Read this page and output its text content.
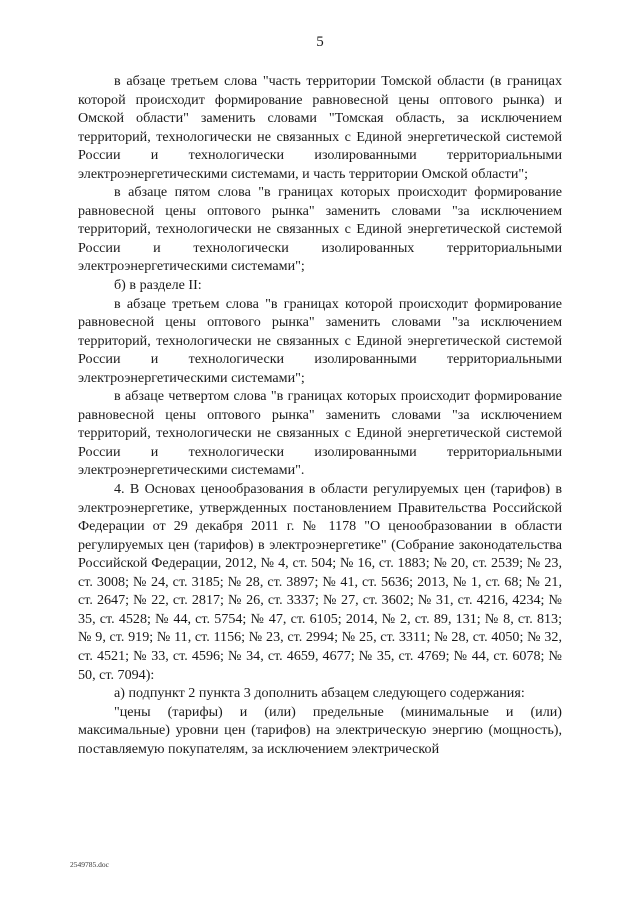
5

в абзаце третьем слова "часть территории Томской области (в границах которой происходит формирование равновесной цены оптового рынка) и Омской области" заменить словами "Томская область, за исключением территорий, технологически не связанных с Единой энергетической системой России и технологически изолированными территориальными электроэнергетическими системами, и часть территории Омской области";

в абзаце пятом слова "в границах которых происходит формирование равновесной цены оптового рынка" заменить словами "за исключением территорий, технологически не связанных с Единой энергетической системой России и технологически изолированных территориальными электроэнергетическими системами";

б) в разделе II:

в абзаце третьем слова "в границах которой происходит формирование равновесной цены оптового рынка" заменить словами "за исключением территорий, технологически не связанных с Единой энергетической системой России и технологически изолированными территориальными электроэнергетическими системами";

в абзаце четвертом слова "в границах которых происходит формирование равновесной цены оптового рынка" заменить словами "за исключением территорий, технологически не связанных с Единой энергетической системой России и технологически изолированными территориальными электроэнергетическими системами".

4. В Основах ценообразования в области регулируемых цен (тарифов) в электроэнергетике, утвержденных постановлением Правительства Российской Федерации от 29 декабря 2011 г. № 1178 "О ценообразовании в области регулируемых цен (тарифов) в электроэнергетике" (Собрание законодательства Российской Федерации, 2012, № 4, ст. 504; № 16, ст. 1883; № 20, ст. 2539; № 23, ст. 3008; № 24, ст. 3185; № 28, ст. 3897; № 41, ст. 5636; 2013, № 1, ст. 68; № 21, ст. 2647; № 22, ст. 2817; № 26, ст. 3337; № 27, ст. 3602; № 31, ст. 4216, 4234; № 35, ст. 4528; № 44, ст. 5754; № 47, ст. 6105; 2014, № 2, ст. 89, 131; № 8, ст. 813; № 9, ст. 919; № 11, ст. 1156; № 23, ст. 2994; № 25, ст. 3311; № 28, ст. 4050; № 32, ст. 4521; № 33, ст. 4596; № 34, ст. 4659, 4677; № 35, ст. 4769; № 44, ст. 6078; № 50, ст. 7094):

а) подпункт 2 пункта 3 дополнить абзацем следующего содержания:

"цены (тарифы) и (или) предельные (минимальные и (или) максимальные) уровни цен (тарифов) на электрическую энергию (мощность), поставляемую покупателям, за исключением электрической

2549785.doc
